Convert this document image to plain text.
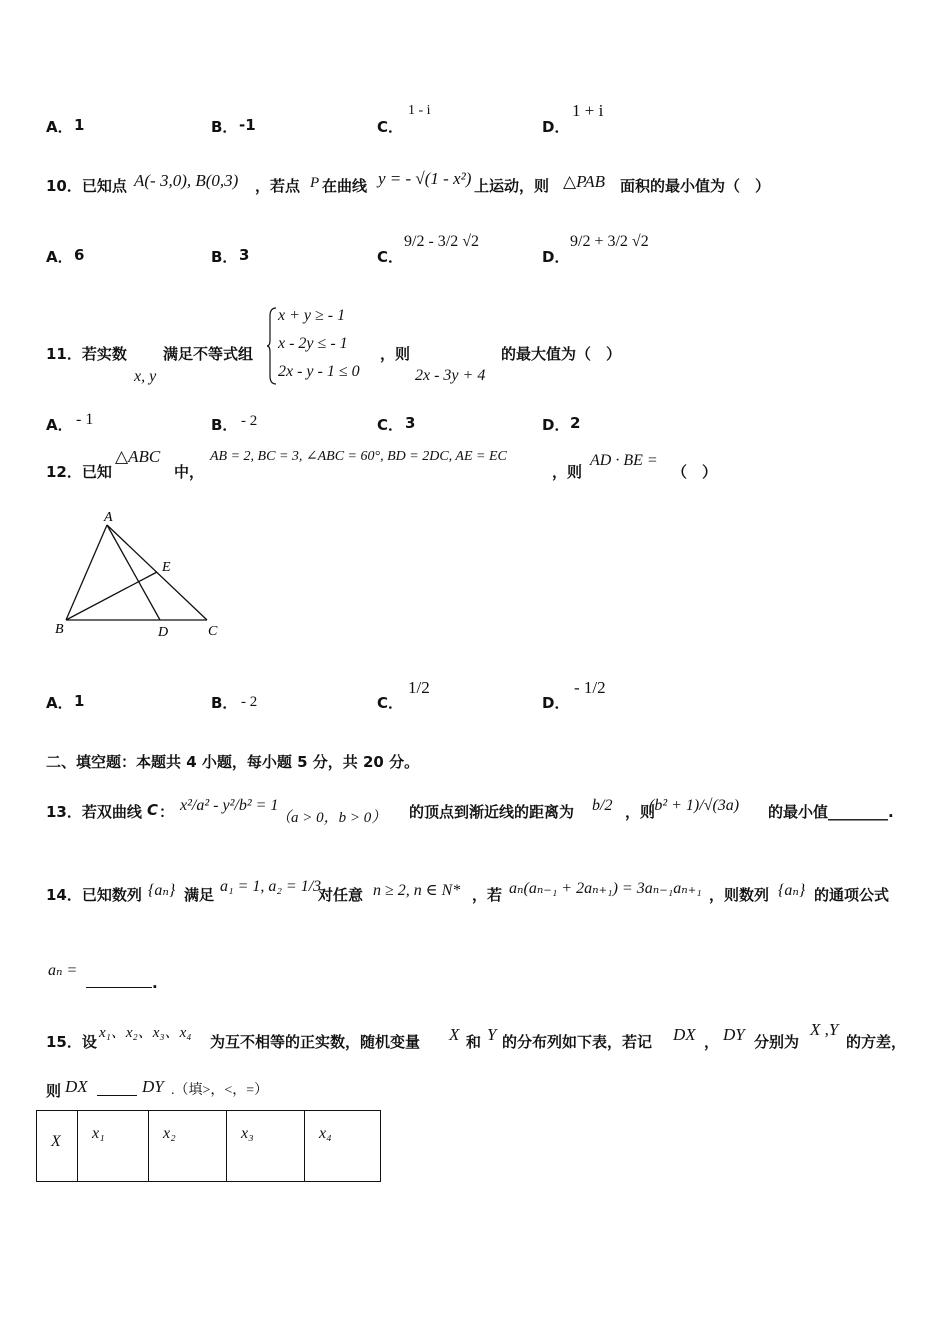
A． 1	B． -1	C．
1 - i
D．
1 + i
10．已知点 A(- 3,0), B(0,3) ，若点 P 在曲线 y = - √(1 - x²) 上运动，则 △PAB 面积的最小值为（　）
A． 6	B． 3	C．
9/2 - 3/2 √2
D．
9/2 + 3/2 √2
11．若实数
x, y
满足不等式组
x + y ≥ - 1
x - 2y ≤ - 1
2x - y - 1 ≤ 0
，则
2x - 3y + 4
的最大值为（　）
A． - 1	B． - 2	C． 3	D． 2
12．已知
△ABC
中，
AB = 2, BC = 3, ∠ABC = 60°, BD = 2DC, AE = EC
，则
AD · BE =
（　）
A
B	C
D
E
A． 1	B． - 2	C．
1/2
D．
- 1/2
二、填空题：本题共 4 小题，每小题 5 分，共 20 分。
13．若双曲线 C ： x²/a² - y²/b² = 1
（a > 0，b > 0） 的顶点到渐近线的距离为 b/2 ，则
(b² + 1)/√(3a) 的最小值________.
14．已知数列 {aₙ} 满足 a₁ = 1, a₂ = 1/3
对任意 n ≥ 2, n ∈ N* ，若 aₙ(aₙ₋₁ + 2aₙ₊₁) = 3aₙ₋₁aₙ₊₁ ，则数列 {aₙ} 的通项公式
aₙ =
.
15．设 x₁、x₂、x₃、x₄ 为互不相等的正实数，随机变量 X 和 Y 的分布列如下表，若记 DX ， DY 分别为
X ,Y
的方差，
则 DX	DY .（填>，<，=）
X	x₁	x₂	x₃	x₄
